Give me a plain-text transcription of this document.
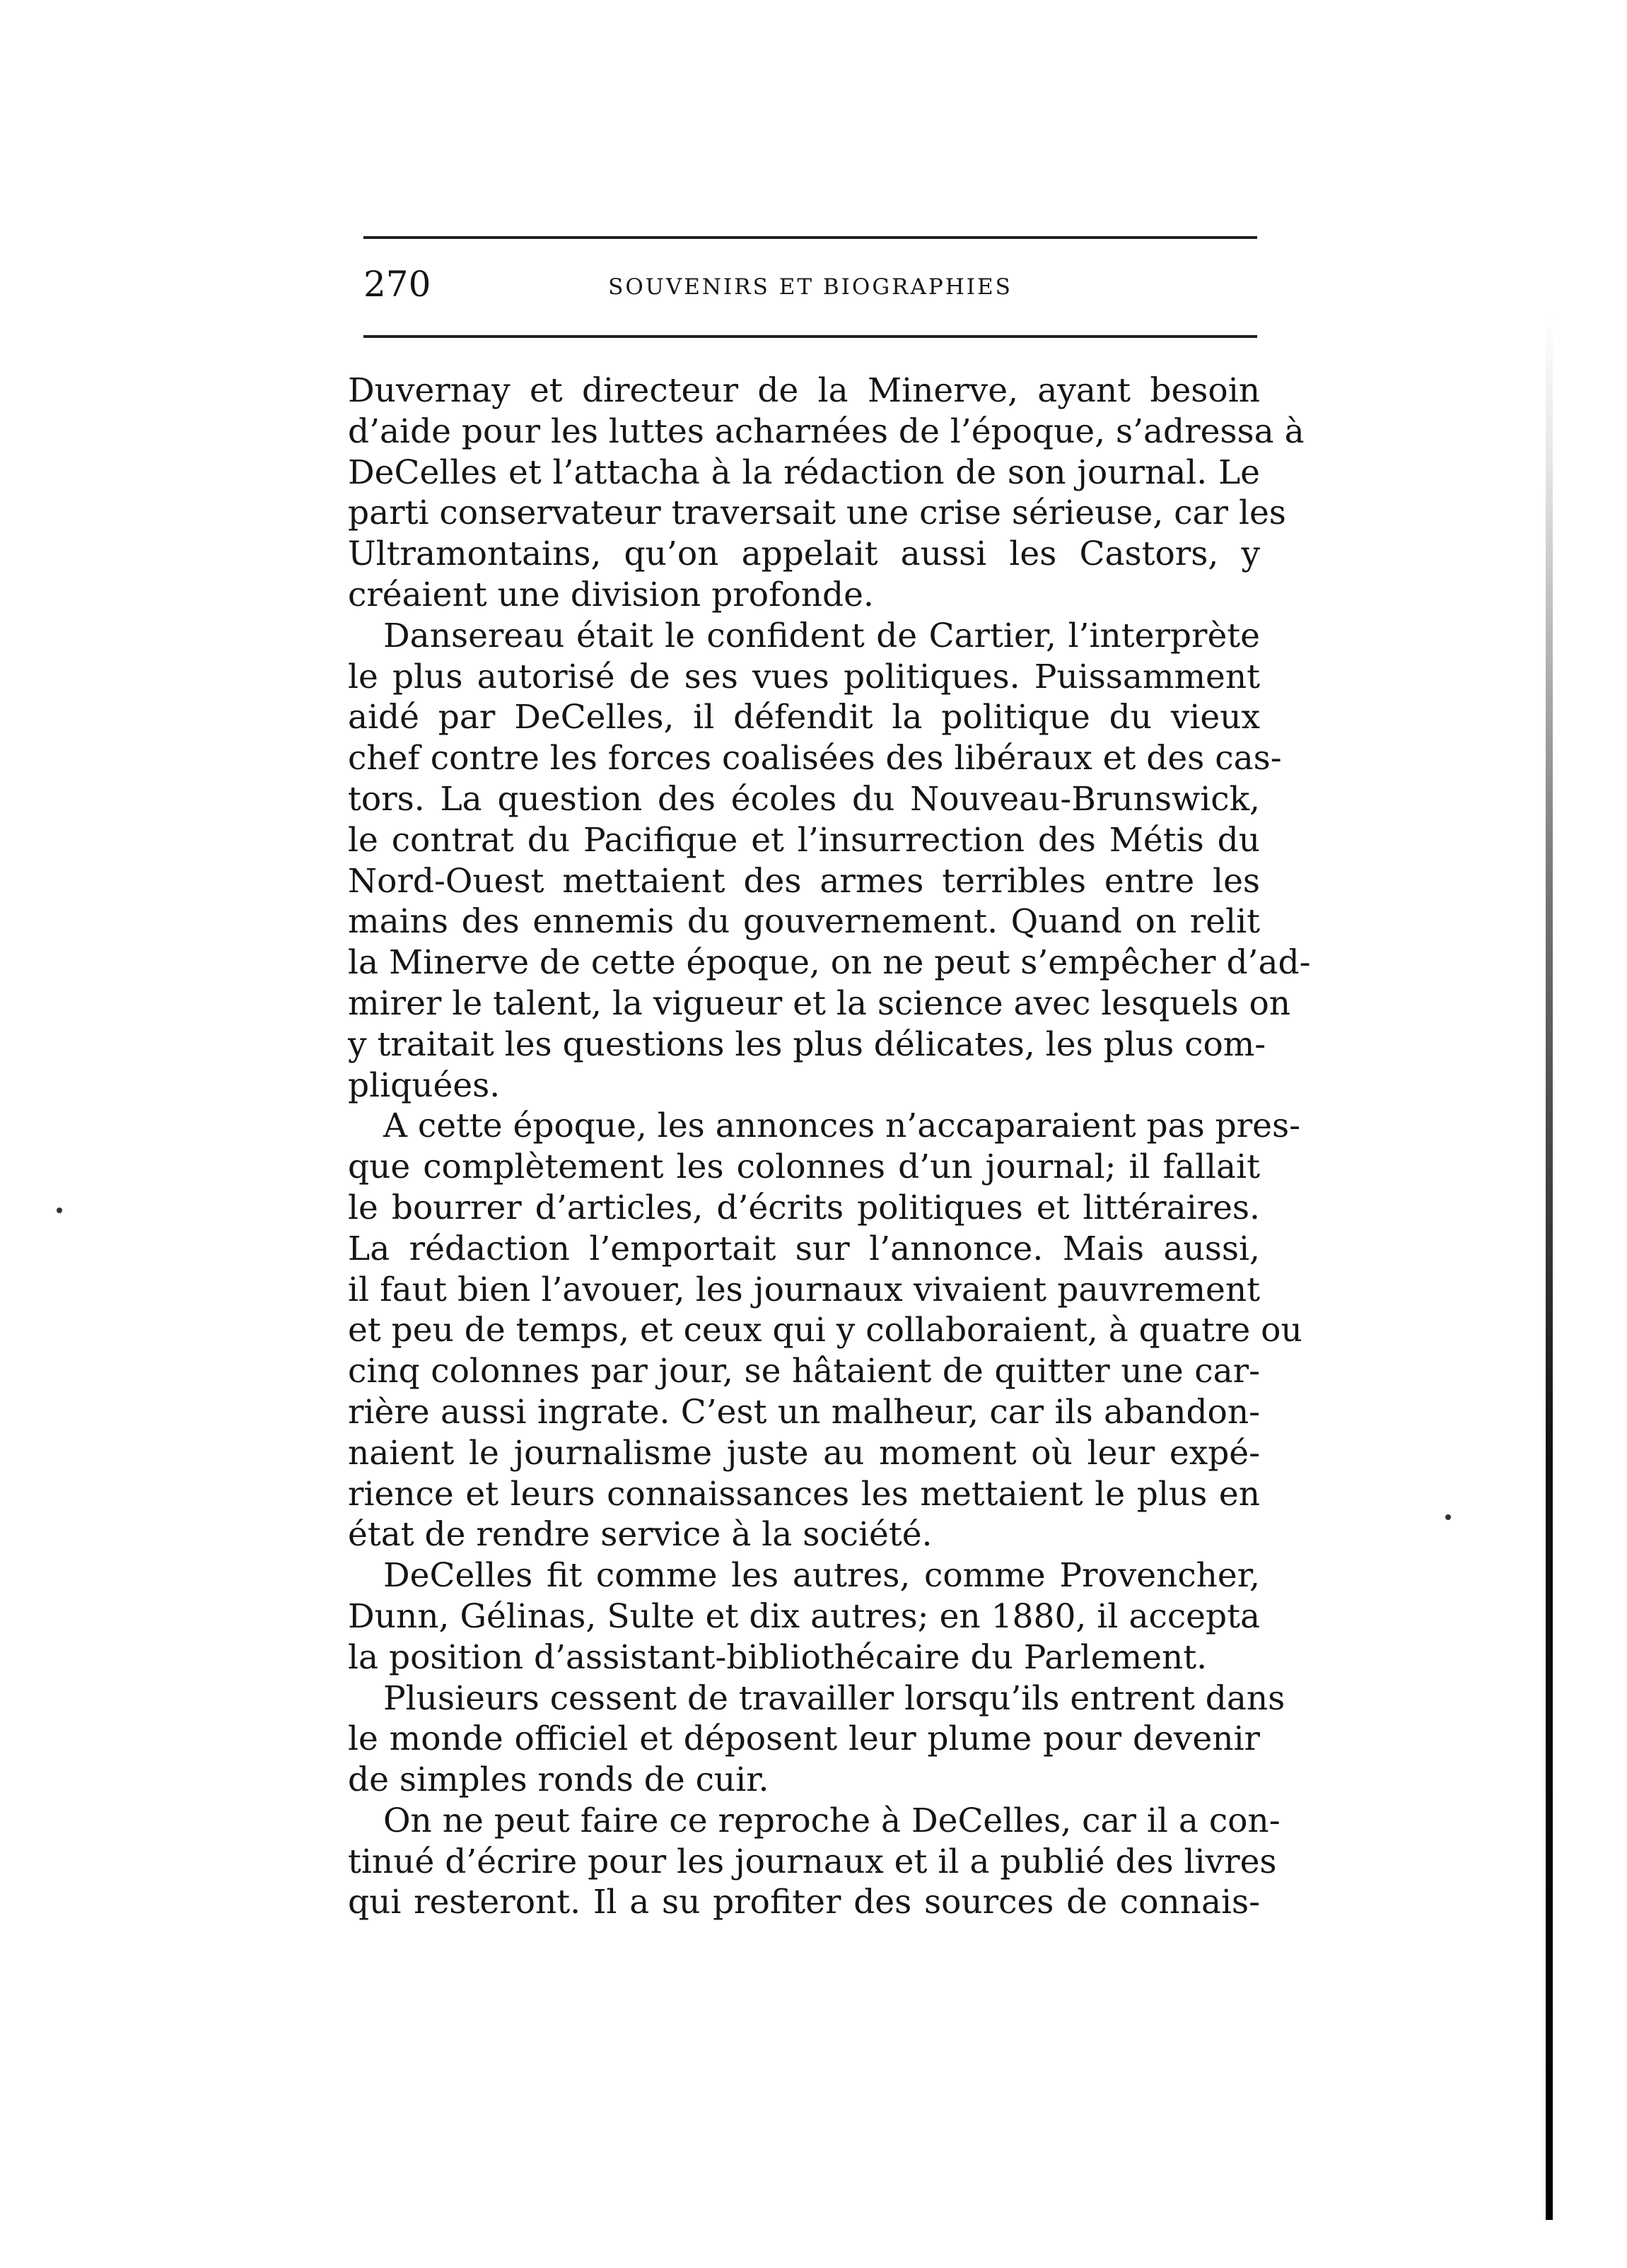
270	SOUVENIRS ET BIOGRAPHIES
Duvernay et directeur de la Minerve, ayant besoin
d’aide pour les luttes acharnées de l’époque, s’adressa à
DeCelles et l’attacha à la rédaction de son journal. Le
parti conservateur traversait une crise sérieuse, car les
Ultramontains, qu’on appelait aussi les Castors, y
créaient une division profonde.
Dansereau était le confident de Cartier, l’interprète
le plus autorisé de ses vues politiques. Puissamment
aidé par DeCelles, il défendit la politique du vieux
chef contre les forces coalisées des libéraux et des cas-
tors. La question des écoles du Nouveau-Brunswick,
le contrat du Pacifique et l’insurrection des Métis du
Nord-Ouest mettaient des armes terribles entre les
mains des ennemis du gouvernement. Quand on relit
la Minerve de cette époque, on ne peut s’empêcher d’ad-
mirer le talent, la vigueur et la science avec lesquels on
y traitait les questions les plus délicates, les plus com-
pliquées.
A cette époque, les annonces n’accaparaient pas pres-
que complètement les colonnes d’un journal; il fallait
le bourrer d’articles, d’écrits politiques et littéraires.
La rédaction l’emportait sur l’annonce. Mais aussi,
il faut bien l’avouer, les journaux vivaient pauvrement
et peu de temps, et ceux qui y collaboraient, à quatre ou
cinq colonnes par jour, se hâtaient de quitter une car-
rière aussi ingrate. C’est un malheur, car ils abandon-
naient le journalisme juste au moment où leur expé-
rience et leurs connaissances les mettaient le plus en
état de rendre service à la société.
DeCelles fit comme les autres, comme Provencher,
Dunn, Gélinas, Sulte et dix autres; en 1880, il accepta
la position d’assistant-bibliothécaire du Parlement.
Plusieurs cessent de travailler lorsqu’ils entrent dans
le monde officiel et déposent leur plume pour devenir
de simples ronds de cuir.
On ne peut faire ce reproche à DeCelles, car il a con-
tinué d’écrire pour les journaux et il a publié des livres
qui resteront. Il a su profiter des sources de connais-
